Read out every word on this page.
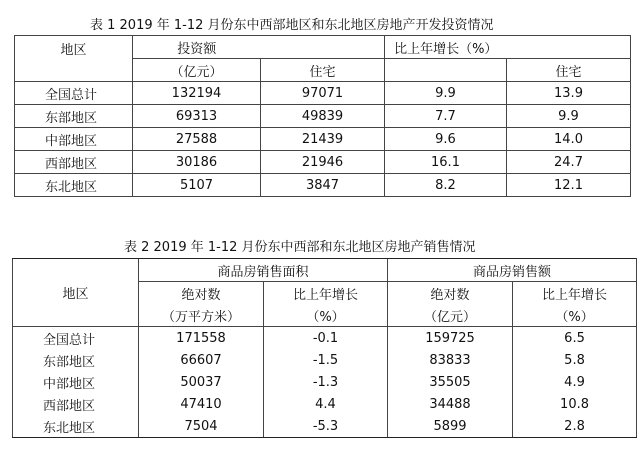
表 1 2019 年 1-12 月份东中西部地区和东北地区房地产开发投资情况
地区	投资额		比上年增长（%）	
	（亿元）	住宅		住宅
全国总计	132194	97071	9.9	13.9
东部地区	69313	49839	7.7	9.9
中部地区	27588	21439	9.6	14.0
西部地区	30186	21946	16.1	24.7
东北地区	5107	3847	8.2	12.1
表 2 2019 年 1-12 月份东中西部和东北地区房地产销售情况
地区	商品房销售面积		商品房销售额	
	绝对数	比上年增长	绝对数	比上年增长
	（万平方米）	（%）	（亿元）	（%）
全国总计	171558	-0.1	159725	6.5
东部地区	66607	-1.5	83833	5.8
中部地区	50037	-1.3	35505	4.9
西部地区	47410	4.4	34488	10.8
东北地区	7504	-5.3	5899	2.8
